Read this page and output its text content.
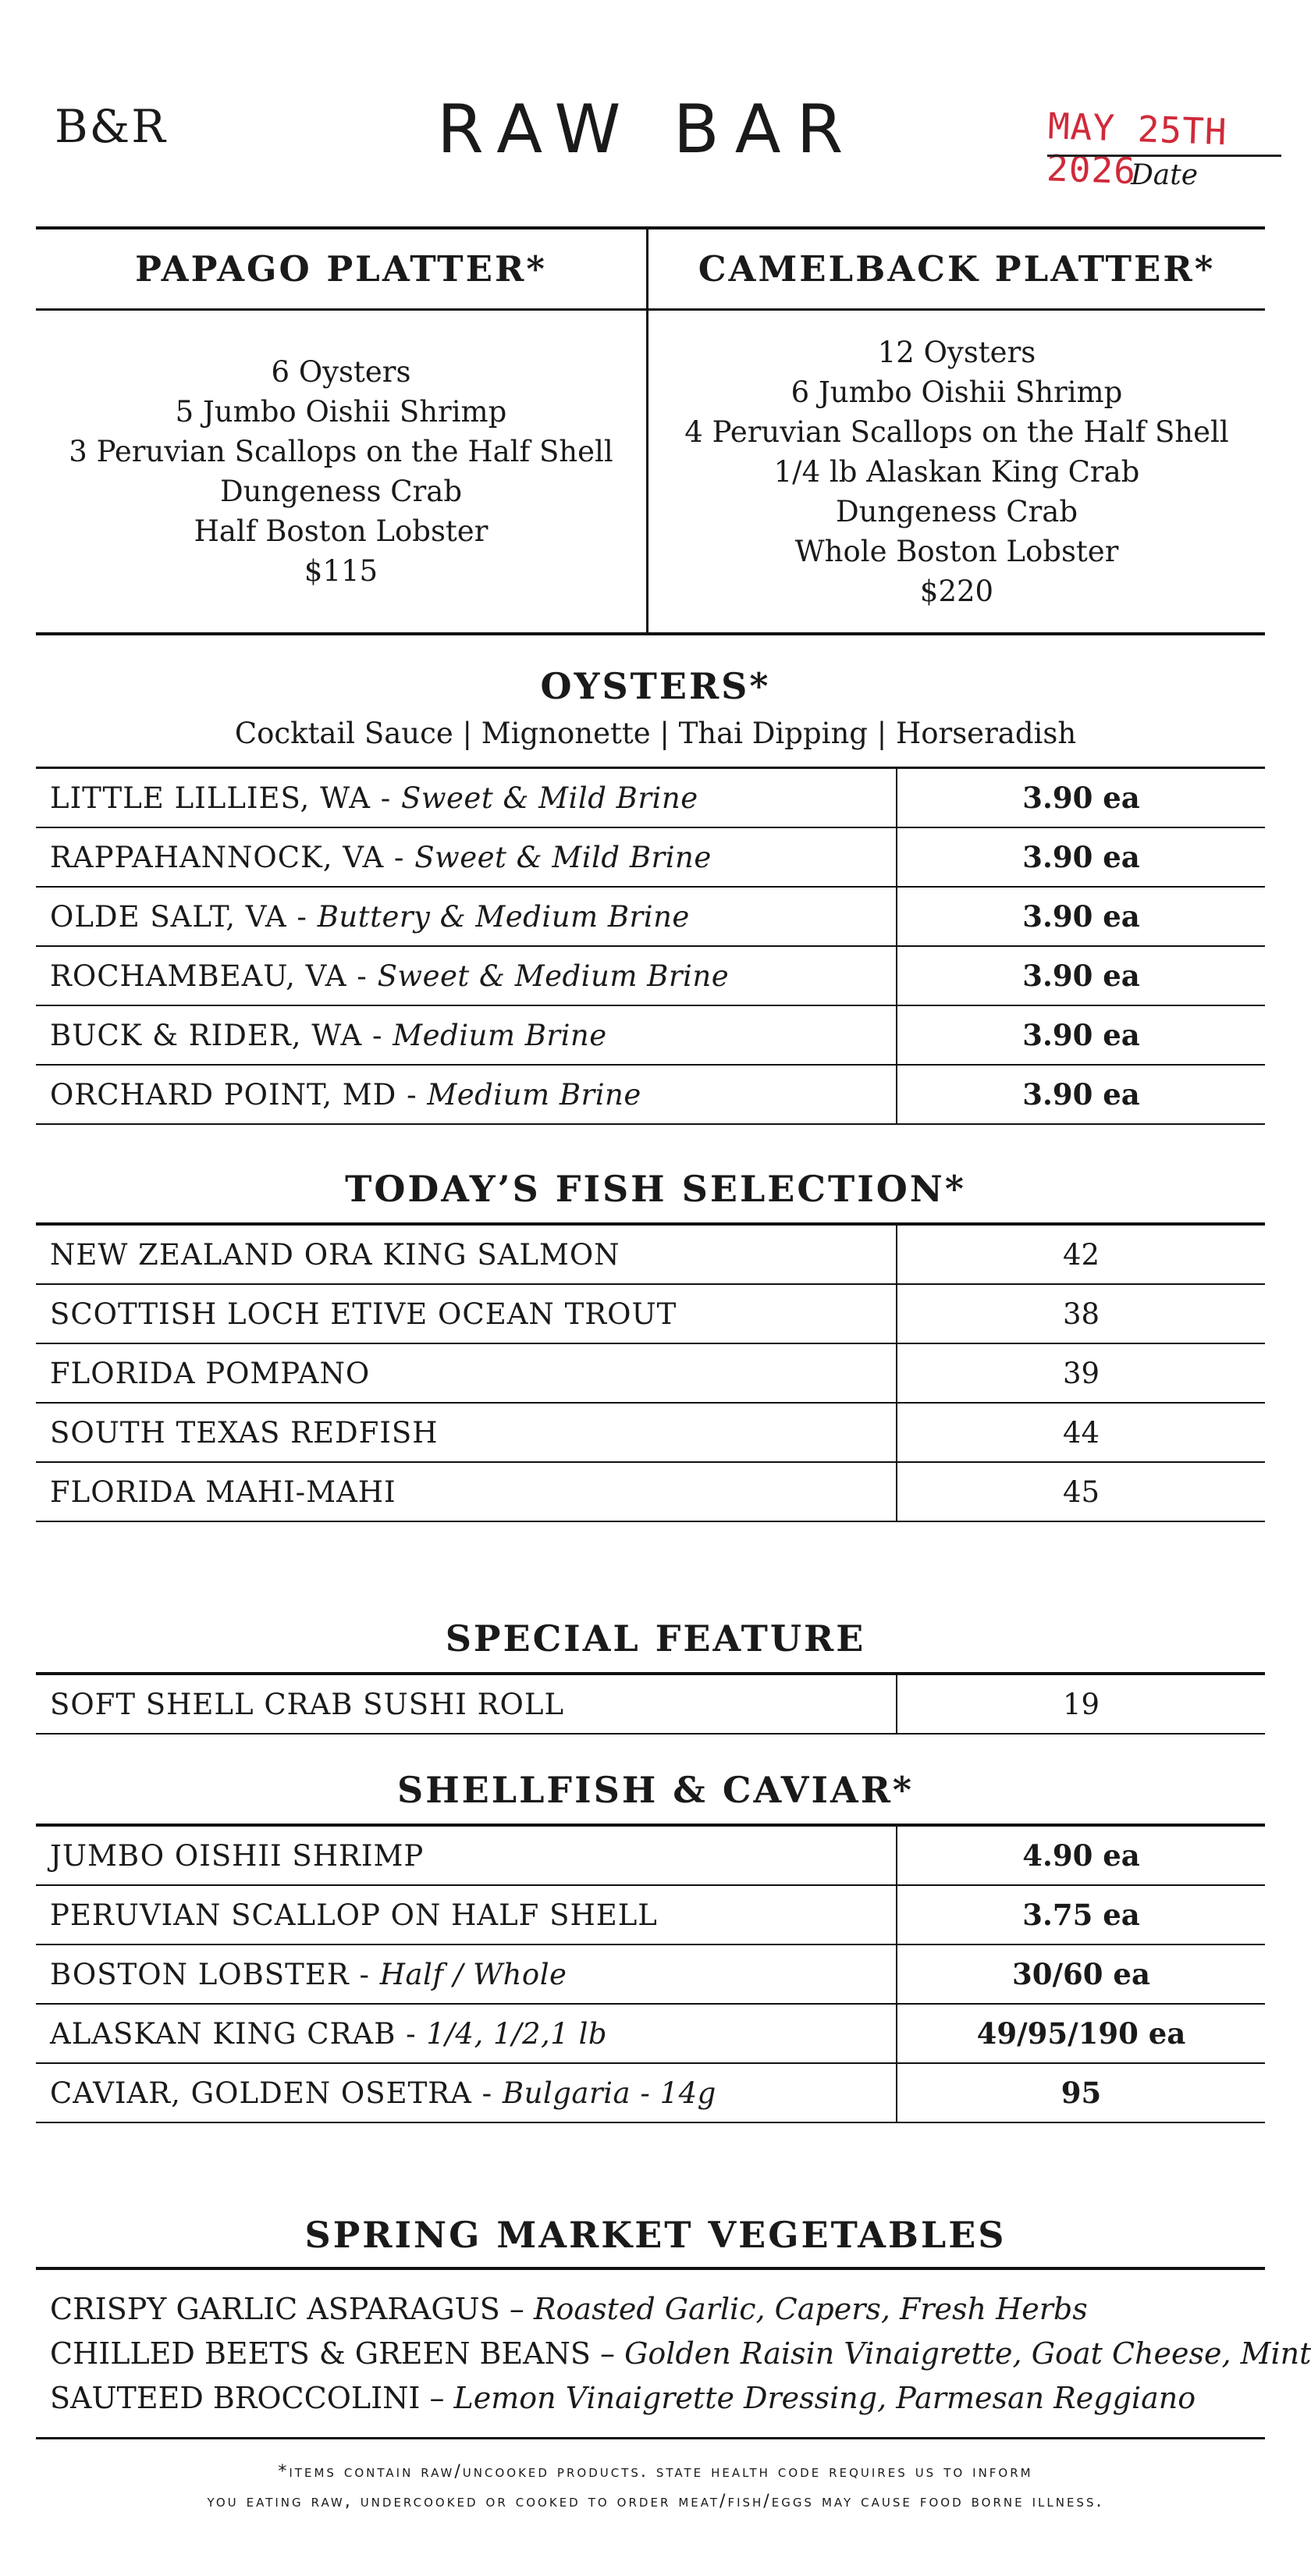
B&R	RAW BAR	MAY 25TH 2026
Date
PAPAGO PLATTER*
6 Oysters
5 Jumbo Oishii Shrimp
3 Peruvian Scallops on the Half Shell
Dungeness Crab
Half Boston Lobster
$115
CAMELBACK PLATTER*
12 Oysters
6 Jumbo Oishii Shrimp
4 Peruvian Scallops on the Half Shell
1/4 lb Alaskan King Crab
Dungeness Crab
Whole Boston Lobster
$220
OYSTERS*
Cocktail Sauce | Mignonette | Thai Dipping | Horseradish
LITTLE LILLIES, WA - Sweet & Mild Brine	3.90 ea
RAPPAHANNOCK, VA - Sweet & Mild Brine	3.90 ea
OLDE SALT, VA - Buttery & Medium Brine	3.90 ea
ROCHAMBEAU, VA - Sweet & Medium Brine	3.90 ea
BUCK & RIDER, WA - Medium Brine	3.90 ea
ORCHARD POINT, MD - Medium Brine	3.90 ea
TODAY’S FISH SELECTION*
NEW ZEALAND ORA KING SALMON	42
SCOTTISH LOCH ETIVE OCEAN TROUT	38
FLORIDA POMPANO	39
SOUTH TEXAS REDFISH	44
FLORIDA MAHI-MAHI	45
SPECIAL FEATURE
SOFT SHELL CRAB SUSHI ROLL	19
SHELLFISH & CAVIAR*
JUMBO OISHII SHRIMP	4.90 ea
PERUVIAN SCALLOP ON HALF SHELL	3.75 ea
BOSTON LOBSTER - Half / Whole	30/60 ea
ALASKAN KING CRAB - 1/4, 1/2,1 lb	49/95/190 ea
CAVIAR, GOLDEN OSETRA - Bulgaria - 14g	95
SPRING MARKET VEGETABLES
CRISPY GARLIC ASPARAGUS – Roasted Garlic, Capers, Fresh Herbs
CHILLED BEETS & GREEN BEANS – Golden Raisin Vinaigrette, Goat Cheese, Mint
SAUTEED BROCCOLINI – Lemon Vinaigrette Dressing, Parmesan Reggiano
*items contain raw/uncooked products. state health code requires us to inform
you eating raw, undercooked or cooked to order meat/fish/eggs may cause food borne illness.
